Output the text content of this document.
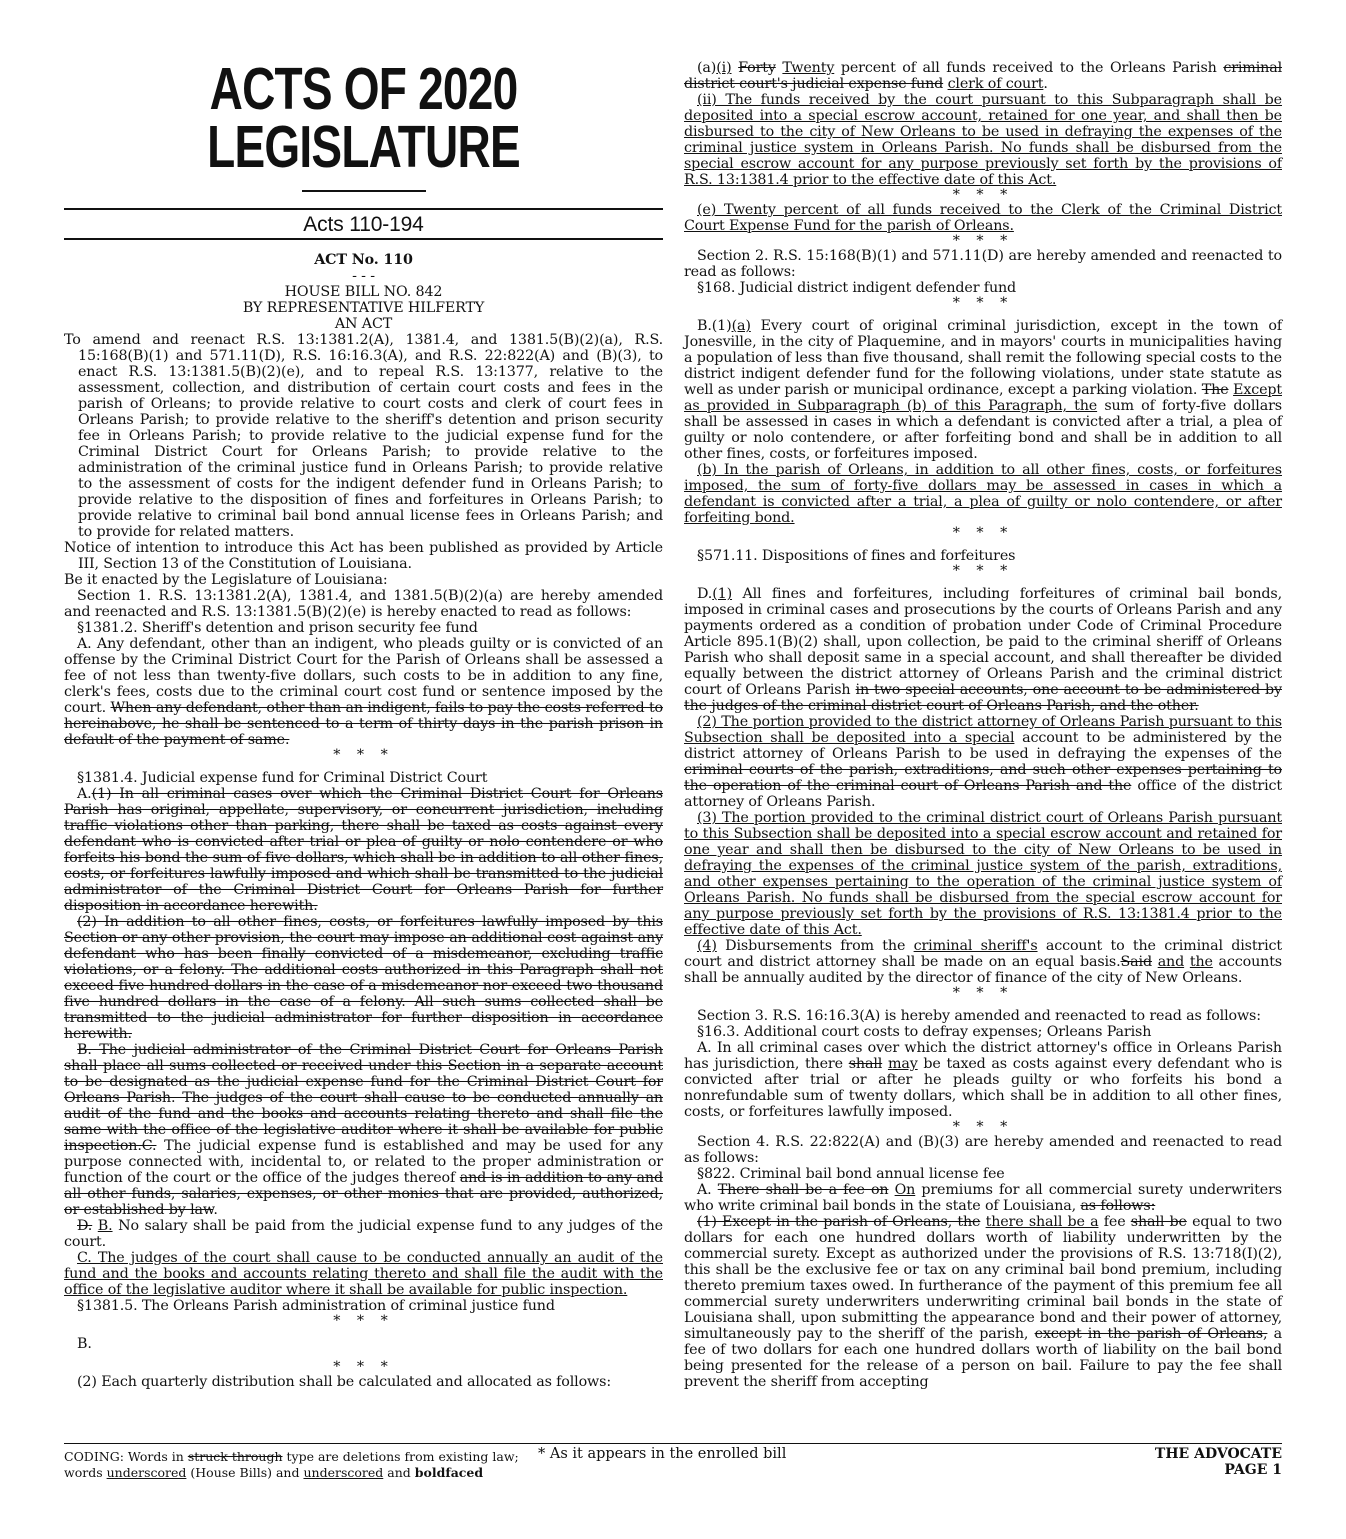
ACTS OF 2020
LEGISLATURE
Acts 110-194
ACT No. 110
- - -
HOUSE BILL NO. 842
BY REPRESENTATIVE HILFERTY
AN ACT

To amend and reenact R.S. 13:1381.2(A), 1381.4, and 1381.5(B)(2)(a), R.S. 15:168(B)(1) and 571.11(D), R.S. 16:16.3(A), and R.S. 22:822(A) and (B)(3), to enact R.S. 13:1381.5(B)(2)(e), and to repeal R.S. 13:1377, relative to the assessment, collection, and distribution of certain court costs and fees in the parish of Orleans; to provide relative to court costs and clerk of court fees in Orleans Parish; to provide relative to the sheriff's detention and prison security fee in Orleans Parish; to provide relative to the judicial expense fund for the Criminal District Court for Orleans Parish; to provide relative to the administration of the criminal justice fund in Orleans Parish; to provide relative to the assessment of costs for the indigent defender fund in Orleans Parish; to provide relative to the disposition of fines and forfeitures in Orleans Parish; to provide relative to criminal bail bond annual license fees in Orleans Parish; and to provide for related matters.

Notice of intention to introduce this Act has been published as provided by Article III, Section 13 of the Constitution of Louisiana.

Be it enacted by the Legislature of Louisiana:

Section 1. R.S. 13:1381.2(A), 1381.4, and 1381.5(B)(2)(a) are hereby amended and reenacted and R.S. 13:1381.5(B)(2)(e) is hereby enacted to read as follows:

§1381.2. Sheriff's detention and prison security fee fund

A. Any defendant, other than an indigent, who pleads guilty or is convicted of an offense by the Criminal District Court for the Parish of Orleans shall be assessed a fee of not less than twenty-five dollars, such costs to be in addition to any fine, clerk's fees, costs due to the criminal court cost fund or sentence imposed by the court. When any defendant, other than an indigent, fails to pay the costs referred to hereinabove, he shall be sentenced to a term of thirty days in the parish prison in default of the payment of same.

* * *

§1381.4. Judicial expense fund for Criminal District Court

A.(1) In all criminal cases over which the Criminal District Court for Orleans Parish has original, appellate, supervisory, or concurrent jurisdiction, including traffic violations other than parking, there shall be taxed as costs against every defendant who is convicted after trial or plea of guilty or nolo contendere or who forfeits his bond the sum of five dollars, which shall be in addition to all other fines, costs, or forfeitures lawfully imposed and which shall be transmitted to the judicial administrator of the Criminal District Court for Orleans Parish for further disposition in accordance herewith.

(2) In addition to all other fines, costs, or forfeitures lawfully imposed by this Section or any other provision, the court may impose an additional cost against any defendant who has been finally convicted of a misdemeanor, excluding traffic violations, or a felony. The additional costs authorized in this Paragraph shall not exceed five hundred dollars in the case of a misdemeanor nor exceed two thousand five hundred dollars in the case of a felony. All such sums collected shall be transmitted to the judicial administrator for further disposition in accordance herewith.

B. The judicial administrator of the Criminal District Court for Orleans Parish shall place all sums collected or received under this Section in a separate account to be designated as the judicial expense fund for the Criminal District Court for Orleans Parish. The judges of the court shall cause to be conducted annually an audit of the fund and the books and accounts relating thereto and shall file the same with the office of the legislative auditor where it shall be available for public inspection.C. The judicial expense fund is established and may be used for any purpose connected with, incidental to, or related to the proper administration or function of the court or the office of the judges thereof and is in addition to any and all other funds, salaries, expenses, or other monies that are provided, authorized, or established by law.

D. B. No salary shall be paid from the judicial expense fund to any judges of the court.

C. The judges of the court shall cause to be conducted annually an audit of the fund and the books and accounts relating thereto and shall file the audit with the office of the legislative auditor where it shall be available for public inspection.

§1381.5. The Orleans Parish administration of criminal justice fund

* * *

B.

* * *

(2) Each quarterly distribution shall be calculated and allocated as follows:

(a)(i) Forty Twenty percent of all funds received to the Orleans Parish criminal district court's judicial expense fund clerk of court.

(ii) The funds received by the court pursuant to this Subparagraph shall be deposited into a special escrow account, retained for one year, and shall then be disbursed to the city of New Orleans to be used in defraying the expenses of the criminal justice system in Orleans Parish. No funds shall be disbursed from the special escrow account for any purpose previously set forth by the provisions of R.S. 13:1381.4 prior to the effective date of this Act.

* * *

(e) Twenty percent of all funds received to the Clerk of the Criminal District Court Expense Fund for the parish of Orleans.

* * *

Section 2. R.S. 15:168(B)(1) and 571.11(D) are hereby amended and reenacted to read as follows:

§168. Judicial district indigent defender fund

* * *

B.(1)(a) Every court of original criminal jurisdiction, except in the town of Jonesville, in the city of Plaquemine, and in mayors' courts in municipalities having a population of less than five thousand, shall remit the following special costs to the district indigent defender fund for the following violations, under state statute as well as under parish or municipal ordinance, except a parking violation. The Except as provided in Subparagraph (b) of this Paragraph, the sum of forty-five dollars shall be assessed in cases in which a defendant is convicted after a trial, a plea of guilty or nolo contendere, or after forfeiting bond and shall be in addition to all other fines, costs, or forfeitures imposed.

(b) In the parish of Orleans, in addition to all other fines, costs, or forfeitures imposed, the sum of forty-five dollars may be assessed in cases in which a defendant is convicted after a trial, a plea of guilty or nolo contendere, or after forfeiting bond.

* * *

§571.11. Dispositions of fines and forfeitures

* * *

D.(1) All fines and forfeitures, including forfeitures of criminal bail bonds, imposed in criminal cases and prosecutions by the courts of Orleans Parish and any payments ordered as a condition of probation under Code of Criminal Procedure Article 895.1(B)(2) shall, upon collection, be paid to the criminal sheriff of Orleans Parish who shall deposit same in a special account, and shall thereafter be divided equally between the district attorney of Orleans Parish and the criminal district court of Orleans Parish in two special accounts, one account to be administered by the judges of the criminal district court of Orleans Parish, and the other.

(2) The portion provided to the district attorney of Orleans Parish pursuant to this Subsection shall be deposited into a special account to be administered by the district attorney of Orleans Parish to be used in defraying the expenses of the criminal courts of the parish, extraditions, and such other expenses pertaining to the operation of the criminal court of Orleans Parish and the office of the district attorney of Orleans Parish.

(3) The portion provided to the criminal district court of Orleans Parish pursuant to this Subsection shall be deposited into a special escrow account and retained for one year and shall then be disbursed to the city of New Orleans to be used in defraying the expenses of the criminal justice system of the parish, extraditions, and other expenses pertaining to the operation of the criminal justice system of Orleans Parish. No funds shall be disbursed from the special escrow account for any purpose previously set forth by the provisions of R.S. 13:1381.4 prior to the effective date of this Act.

(4) Disbursements from the criminal sheriff's account to the criminal district court and district attorney shall be made on an equal basis.Said and the accounts shall be annually audited by the director of finance of the city of New Orleans.

* * *

Section 3. R.S. 16:16.3(A) is hereby amended and reenacted to read as follows:

§16.3. Additional court costs to defray expenses; Orleans Parish

A. In all criminal cases over which the district attorney's office in Orleans Parish has jurisdiction, there shall may be taxed as costs against every defendant who is convicted after trial or after he pleads guilty or who forfeits his bond a nonrefundable sum of twenty dollars, which shall be in addition to all other fines, costs, or forfeitures lawfully imposed.

* * *

Section 4. R.S. 22:822(A) and (B)(3) are hereby amended and reenacted to read as follows:

§822. Criminal bail bond annual license fee

A. There shall be a fee on On premiums for all commercial surety underwriters who write criminal bail bonds in the state of Louisiana, as follows:

(1) Except in the parish of Orleans, the there shall be a fee shall be equal to two dollars for each one hundred dollars worth of liability underwritten by the commercial surety. Except as authorized under the provisions of R.S. 13:718(I)(2), this shall be the exclusive fee or tax on any criminal bail bond premium, including thereto premium taxes owed. In furtherance of the payment of this premium fee all commercial surety underwriters underwriting criminal bail bonds in the state of Louisiana shall, upon submitting the appearance bond and their power of attorney, simultaneously pay to the sheriff of the parish, except in the parish of Orleans, a fee of two dollars for each one hundred dollars worth of liability on the bail bond being presented for the release of a person on bail. Failure to pay the fee shall prevent the sheriff from accepting

CODING: Words in struck through type are deletions from existing law; words underscored (House Bills) and underscored and boldfaced
* As it appears in the enrolled bill	THE ADVOCATE
PAGE 1
